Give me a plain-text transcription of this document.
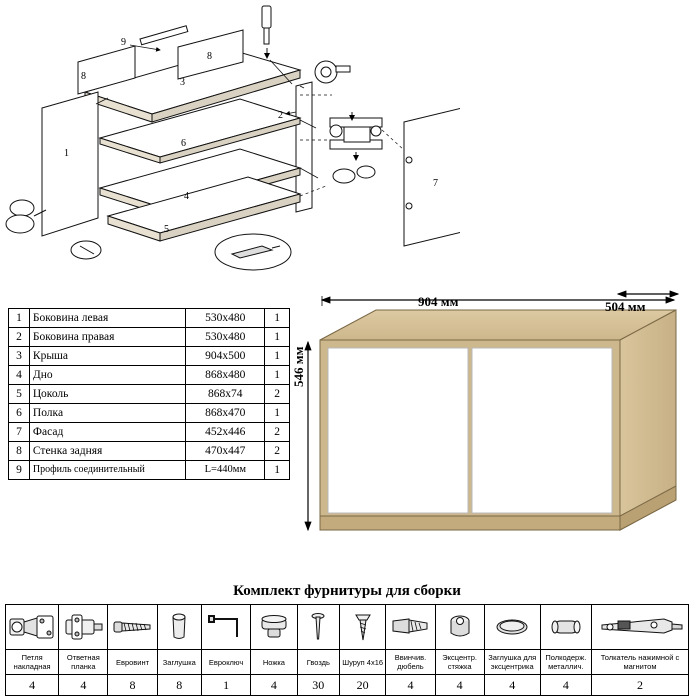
9
8
8
3
2
1
6
4
5
7
1	Боковина левая	530х480	1
2	Боковина правая	530х480	1
3	Крыша	904х500	1
4	Дно	868х480	1
5	Цоколь	868х74	2
6	Полка	868х470	1
7	Фасад	452х446	2
8	Стенка задняя	470х447	2
9	Профиль соединительный	L=440мм	1
904 мм	504 мм
546 мм
Комплект фурнитуры для сборки

Петля накладная	Ответная планка	Евровинт	Заглушка	Евроключ	Ножка	Гвоздь	Шуруп 4х16	Ввинчив. дюбель	Эксцентр. стяжка	Заглушка для эксцентрика	Полкодерж. металлич.	Толкатель нажимной с магнитом
4	4	8	8	1	4	30	20	4	4	4	4	2
